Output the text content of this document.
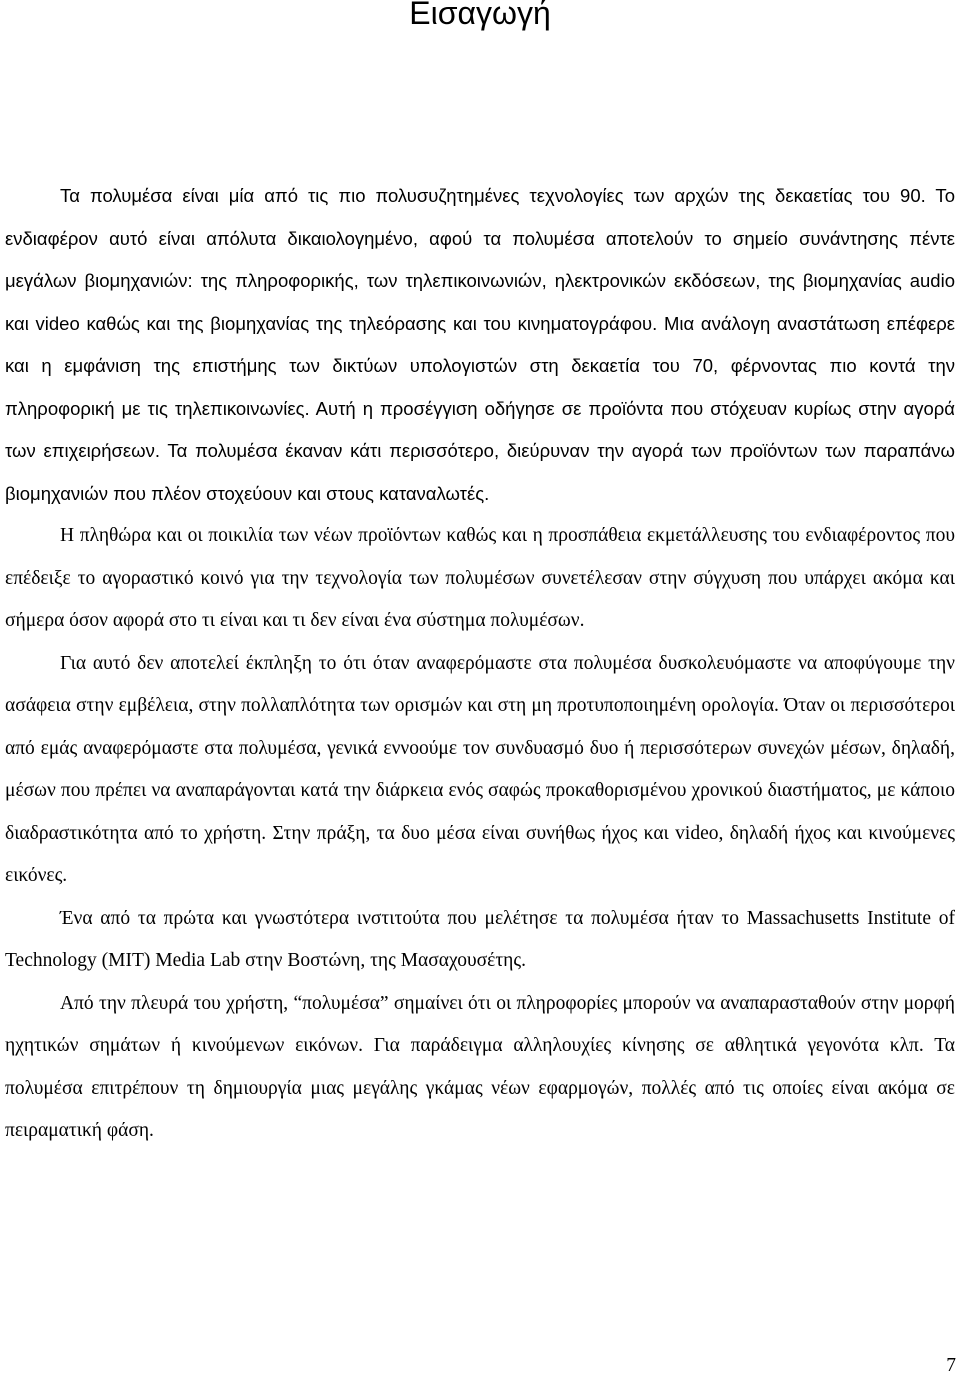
Εισαγωγή

Τα πολυμέσα είναι μία από τις πιο πολυσυζητημένες τεχνολογίες των αρχών της δεκαετίας του 90. Το ενδιαφέρον αυτό είναι απόλυτα δικαιολογημένο, αφού τα πολυμέσα αποτελούν το σημείο συνάντησης πέντε μεγάλων βιομηχανιών: της πληροφορικής, των τηλεπικοινωνιών, ηλεκτρονικών εκδόσεων, της βιομηχανίας audio και video καθώς και της βιομηχανίας της τηλεόρασης και του κινηματογράφου. Μια ανάλογη αναστάτωση επέφερε και η εμφάνιση της επιστήμης των δικτύων υπολογιστών στη δεκαετία του 70, φέρνοντας πιο κοντά την πληροφορική με τις τηλεπικοινωνίες. Αυτή η προσέγγιση οδήγησε σε προϊόντα που στόχευαν κυρίως στην αγορά των επιχειρήσεων. Τα πολυμέσα έκαναν κάτι περισσότερο, διεύρυναν την αγορά των προϊόντων των παραπάνω βιομηχανιών που πλέον στοχεύουν και στους καταναλωτές.

Η πληθώρα και οι ποικιλία των νέων προϊόντων καθώς και η προσπάθεια εκμετάλλευσης του ενδιαφέροντος που επέδειξε το αγοραστικό κοινό για την τεχνολογία των πολυμέσων συνετέλεσαν στην σύγχυση που υπάρχει ακόμα και σήμερα όσον αφορά στο τι είναι και τι δεν είναι ένα σύστημα πολυμέσων.

Για αυτό δεν αποτελεί έκπληξη το ότι όταν αναφερόμαστε στα πολυμέσα δυσκολευόμαστε να αποφύγουμε την ασάφεια στην εμβέλεια, στην πολλαπλότητα των ορισμών και στη μη προτυποποιημένη ορολογία. Όταν οι περισσότεροι από εμάς αναφερόμαστε στα πολυμέσα, γενικά εννοούμε τον συνδυασμό δυο ή περισσότερων συνεχών μέσων, δηλαδή, μέσων που πρέπει να αναπαράγονται κατά την διάρκεια ενός σαφώς προκαθορισμένου χρονικού διαστήματος, με κάποιο διαδραστικότητα από το χρήστη. Στην πράξη, τα δυο μέσα είναι συνήθως ήχος και video, δηλαδή ήχος και κινούμενες εικόνες.

Ένα από τα πρώτα και γνωστότερα ινστιτούτα που μελέτησε τα πολυμέσα ήταν το Massachusetts Institute of Technology (MIT) Media Lab στην Βοστώνη, της Μασαχουσέτης.

Από την πλευρά του χρήστη, “πολυμέσα” σημαίνει ότι οι πληροφορίες μπορούν να αναπαρασταθούν στην μορφή ηχητικών σημάτων ή κινούμενων εικόνων. Για παράδειγμα αλληλουχίες κίνησης σε αθλητικά γεγονότα κλπ. Τα πολυμέσα επιτρέπουν τη δημιουργία μιας μεγάλης γκάμας νέων εφαρμογών, πολλές από τις οποίες είναι ακόμα σε πειραματική φάση.

7
